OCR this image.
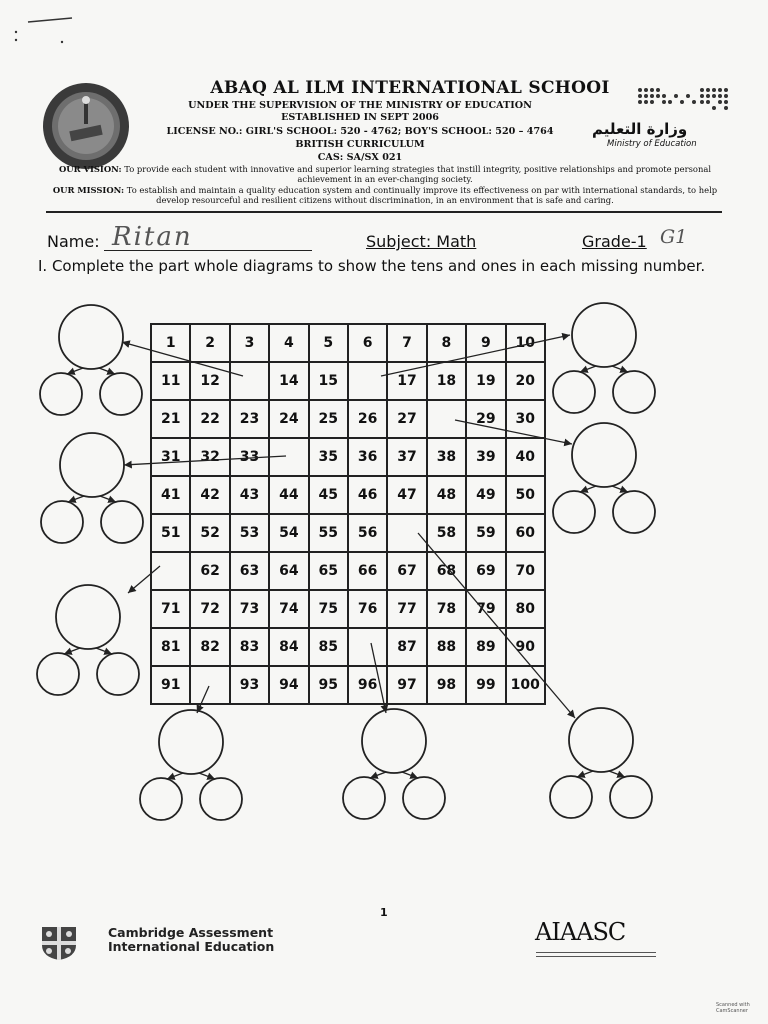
ABAQ AL ILM INTERNATIONAL SCHOOI
UNDER THE SUPERVISION OF THE MINISTRY OF EDUCATION
ESTABLISHED IN SEPT 2006
LICENSE NO.: GIRL'S SCHOOL: 520 - 4762; BOY'S SCHOOL: 520 – 4764
BRITISH CURRICULUM
CAS: SA/SX 021
وزارة التعليم
Ministry of Education
OUR VISION: To provide each student with innovative and superior learning strategies that instill integrity, positive relationships and promote personal achievement in an ever-changing society.
OUR MISSION: To establish and maintain a quality education system and continually improve its effectiveness on par with international standards, to help develop resourceful and resilient citizens without discrimination, in an environment that is safe and caring.
Name: Ritan	Subject: Math	Grade-1 G1
I. Complete the part whole diagrams to show the tens and ones in each missing number.
1	2	3	4	5	6	7	8	9	10
11	12		14	15		17	18	19	20
21	22	23	24	25	26	27		29	30
31	32	33		35	36	37	38	39	40
41	42	43	44	45	46	47	48	49	50
51	52	53	54	55	56		58	59	60
	62	63	64	65	66	67	68	69	70
71	72	73	74	75	76	77	78	79	80
81	82	83	84	85		87	88	89	90
91		93	94	95	96	97	98	99	100
1
Cambridge Assessment
International Education
AIAASC
Scanned with CamScanner
